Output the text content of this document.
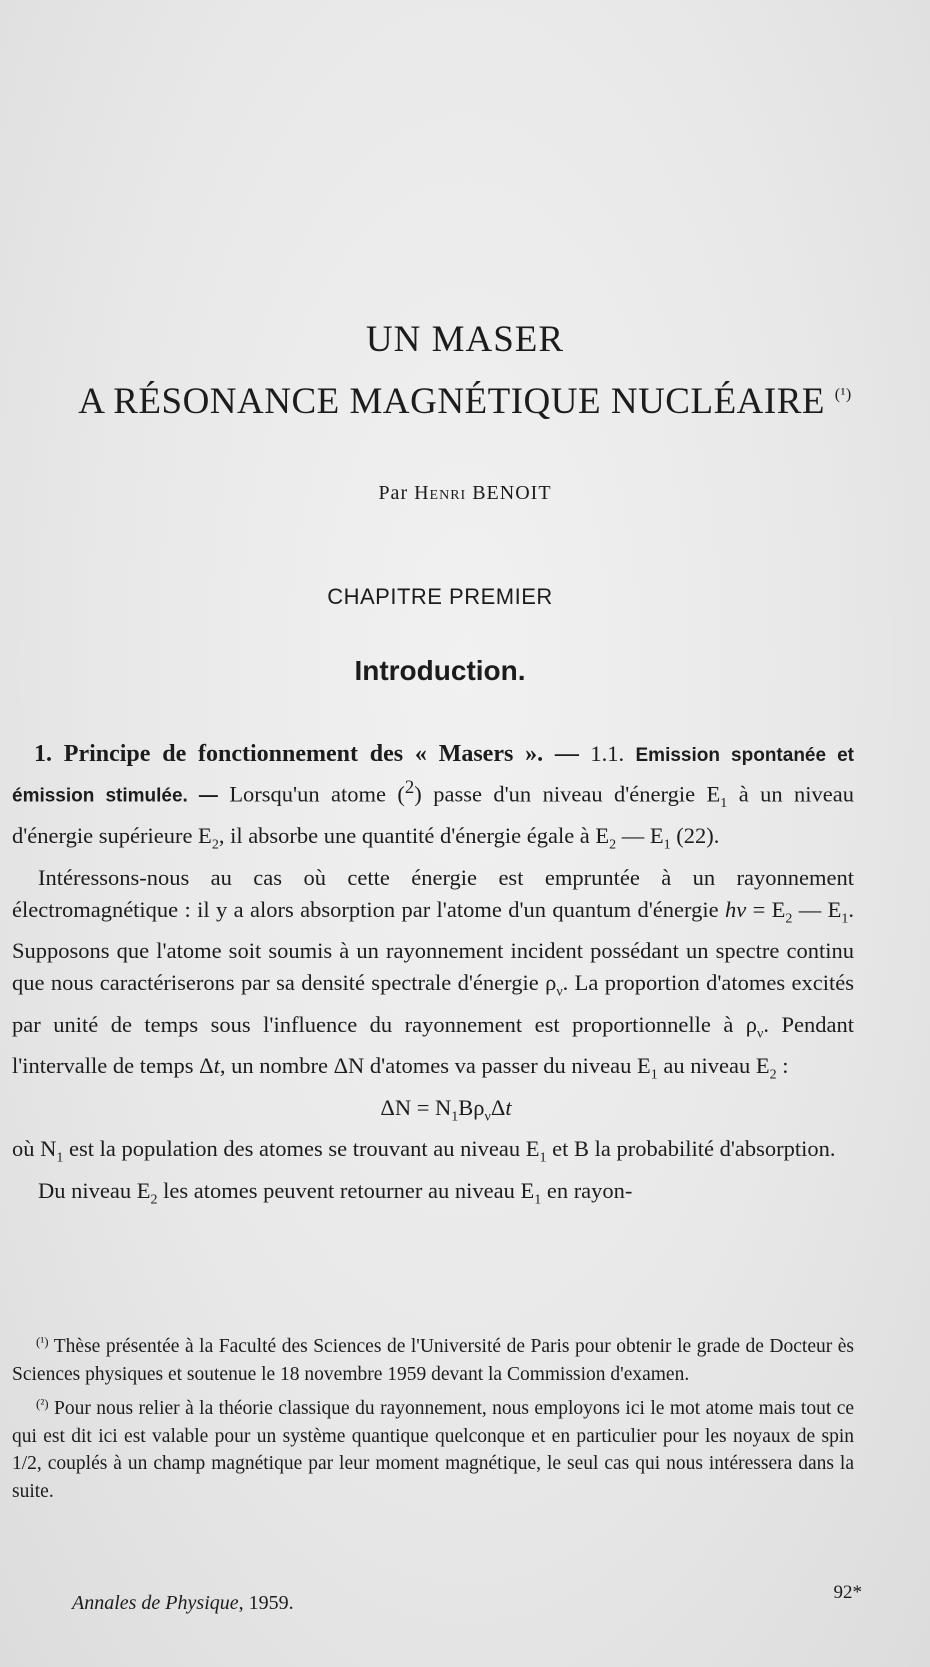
UN MASER
A RÉSONANCE MAGNÉTIQUE NUCLÉAIRE $^{(^1)}$
Par Henri BENOIT
CHAPITRE PREMIER
Introduction.

1. Principe de fonctionnement des « Masers ». — 1.1. Emission spontanée et émission stimulée. — Lorsqu'un atome ($^2$) passe d'un niveau d'énergie $E_1$ à un niveau d'énergie supérieure $E_2$, il absorbe une quantité d'énergie égale à $E_2$ — $E_1$ (22).

Intéressons-nous au cas où cette énergie est empruntée à un rayonnement électromagnétique : il y a alors absorption par l'atome d'un quantum d'énergie $h\nu = E_2$ — $E_1$. Supposons que l'atome soit soumis à un rayonnement incident possédant un spectre continu que nous caractériserons par sa densité spectrale d'énergie $\rho_\nu$. La proportion d'atomes excités par unité de temps sous l'influence du rayonnement est proportionnelle à $\rho_\nu$. Pendant l'intervalle de temps Δt, un nombre ΔN d'atomes va passer du niveau $E_1$ au niveau $E_2$ :

$\Delta N = N_1B\rho_\nu\Delta t$

où $N_1$ est la population des atomes se trouvant au niveau $E_1$ et B la probabilité d'absorption.

Du niveau $E_2$ les atomes peuvent retourner au niveau $E_1$ en rayon-

$^{(^1)}$ Thèse présentée à la Faculté des Sciences de l'Université de Paris pour obtenir le grade de Docteur ès Sciences physiques et soutenue le 18 novembre 1959 devant la Commission d'examen.

$^{(^2)}$ Pour nous relier à la théorie classique du rayonnement, nous employons ici le mot atome mais tout ce qui est dit ici est valable pour un système quantique quelconque et en particulier pour les noyaux de spin 1/2, couplés à un champ magnétique par leur moment magnétique, le seul cas qui nous intéressera dans la suite.

Annales de Physique, 1959.	92*
